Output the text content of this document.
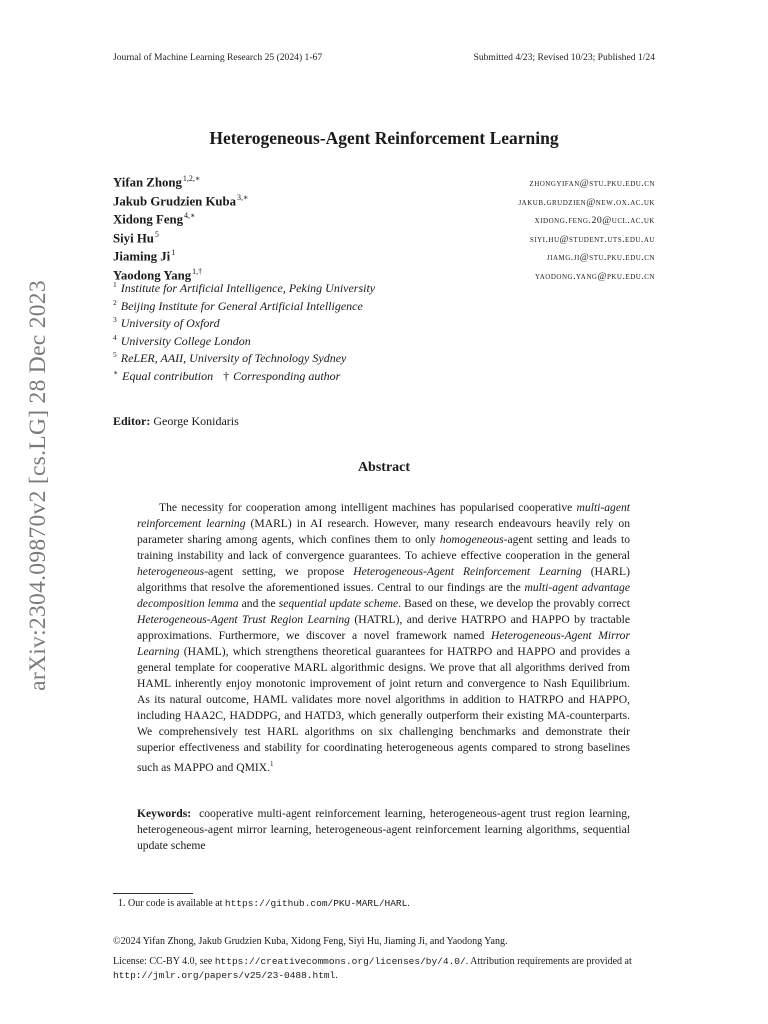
arXiv:2304.09870v2 [cs.LG] 28 Dec 2023
Journal of Machine Learning Research 25 (2024) 1-67	Submitted 4/23; Revised 10/23; Published 1/24
Heterogeneous-Agent Reinforcement Learning
Yifan Zhong$^{1,2,∗}$	zhongyifan@stu.pku.edu.cn
Jakub Grudzien Kuba$^{3,∗}$	jakub.grudzien@new.ox.ac.uk
Xidong Feng$^{4,∗}$	xidong.feng.20@ucl.ac.uk
Siyi Hu$^5$	siyi.hu@student.uts.edu.au
Jiaming Ji$^1$	jiamg.ji@stu.pku.edu.cn
Yaodong Yang$^{1,\dagger}$	yaodong.yang@pku.edu.cn
$^1$ Institute for Artificial Intelligence, Peking University
$^2$ Beijing Institute for General Artificial Intelligence
$^3$ University of Oxford
$^4$ University College London
$^5$ ReLER, AAII, University of Technology Sydney
∗ Equal contribution † Corresponding author
Editor: George Konidaris
Abstract
The necessity for cooperation among intelligent machines has popularised cooperative multi-agent reinforcement learning (MARL) in AI research. However, many research endeavours heavily rely on parameter sharing among agents, which confines them to only homogeneous-agent setting and leads to training instability and lack of convergence guarantees. To achieve effective cooperation in the general heterogeneous-agent setting, we propose Heterogeneous-Agent Reinforcement Learning (HARL) algorithms that resolve the aforementioned issues. Central to our findings are the multi-agent advantage decomposition lemma and the sequential update scheme. Based on these, we develop the provably correct Heterogeneous-Agent Trust Region Learning (HATRL), and derive HATRPO and HAPPO by tractable approximations. Furthermore, we discover a novel framework named Heterogeneous-Agent Mirror Learning (HAML), which strengthens theoretical guarantees for HATRPO and HAPPO and provides a general template for cooperative MARL algorithmic designs. We prove that all algorithms derived from HAML inherently enjoy monotonic improvement of joint return and convergence to Nash Equilibrium. As its natural outcome, HAML validates more novel algorithms in addition to HATRPO and HAPPO, including HAA2C, HADDPG, and HATD3, which generally outperform their existing MA-counterparts. We comprehensively test HARL algorithms on six challenging benchmarks and demonstrate their superior effectiveness and stability for coordinating heterogeneous agents compared to strong baselines such as MAPPO and QMIX.$^1$
Keywords: cooperative multi-agent reinforcement learning, heterogeneous-agent trust region learning, heterogeneous-agent mirror learning, heterogeneous-agent reinforcement learning algorithms, sequential update scheme
1. Our code is available at https://github.com/PKU-MARL/HARL.
©2024 Yifan Zhong, Jakub Grudzien Kuba, Xidong Feng, Siyi Hu, Jiaming Ji, and Yaodong Yang.
License: CC-BY 4.0, see https://creativecommons.org/licenses/by/4.0/. Attribution requirements are provided at http://jmlr.org/papers/v25/23-0488.html.
